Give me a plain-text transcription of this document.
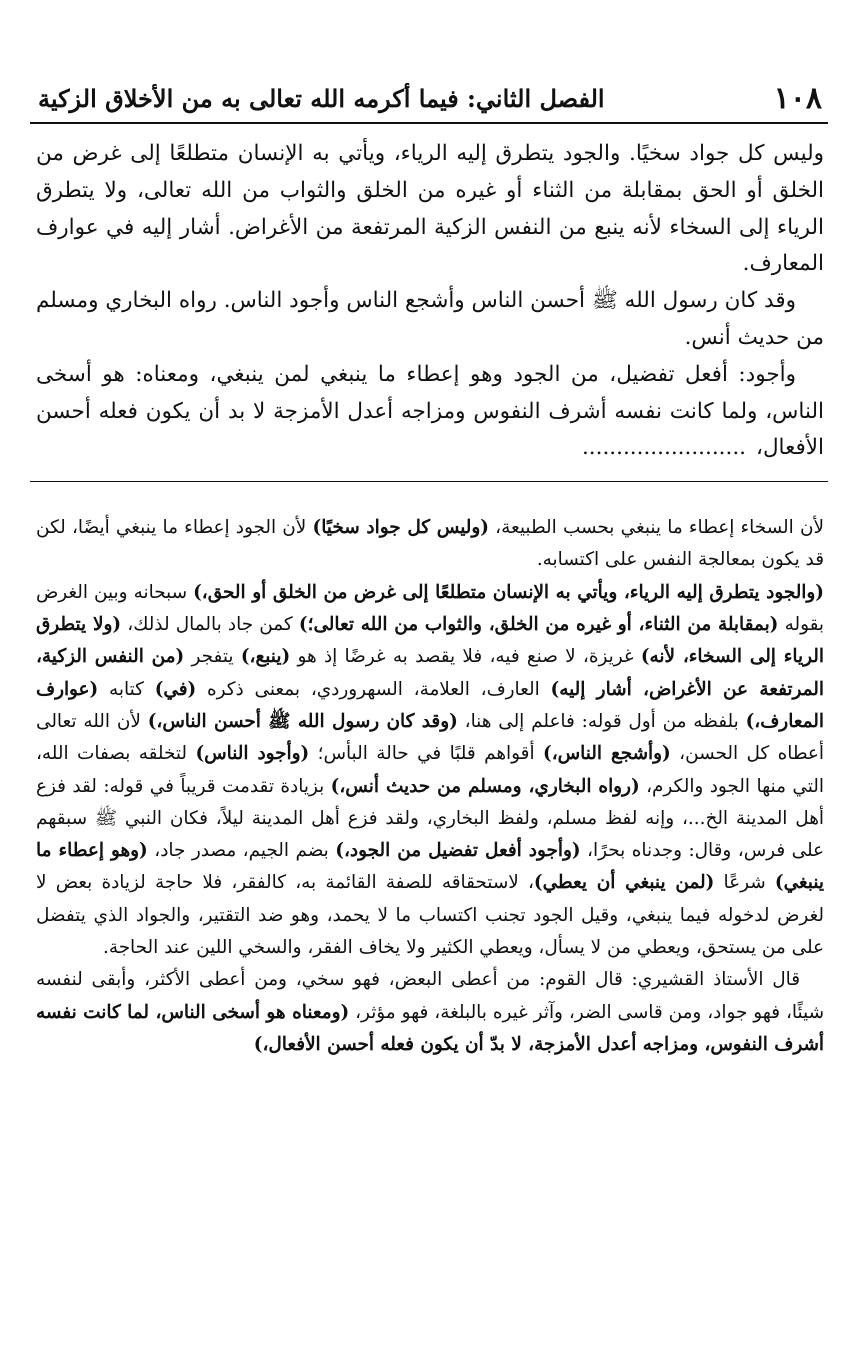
١٠٨
الفصل الثاني: فيما أكرمه الله تعالى به من الأخلاق الزكية

وليس كل جواد سخيًا. والجود يتطرق إليه الرياء، ويأتي به الإنسان متطلعًا إلى غرض من الخلق أو الحق بمقابلة من الثناء أو غيره من الخلق والثواب من الله تعالى، ولا يتطرق الرياء إلى السخاء لأنه ينبع من النفس الزكية المرتفعة من الأغراض. أشار إليه في عوارف المعارف.

وقد كان رسول الله ﷺ أحسن الناس وأشجع الناس وأجود الناس. رواه البخاري ومسلم من حديث أنس.

وأجود: أفعل تفضيل، من الجود وهو إعطاء ما ينبغي لمن ينبغي، ومعناه: هو أسخى الناس، ولما كانت نفسه أشرف النفوس ومزاجه أعدل الأمزجة لا بد أن يكون فعله أحسن الأفعال،........................

لأن السخاء إعطاء ما ينبغي بحسب الطبيعة، (وليس كل جواد سخيًا) لأن الجود إعطاء ما ينبغي أيضًا، لكن قد يكون بمعالجة النفس على اكتسابه.

(والجود يتطرق إليه الرياء، ويأتي به الإنسان متطلعًا إلى غرض من الخلق أو الحق،) سبحانه وبين الغرض بقوله (بمقابلة من الثناء، أو غيره من الخلق، والثواب من الله تعالى؛) كمن جاد بالمال لذلك، (ولا يتطرق الرياء إلى السخاء، لأنه) غريزة، لا صنع فيه، فلا يقصد به غرضًا إذ هو (ينبع،) يتفجر (من النفس الزكية، المرتفعة عن الأغراض، أشار إليه) العارف، العلامة، السهروردي، بمعنى ذكره (في) كتابه (عوارف المعارف،) بلفظه من أول قوله: فاعلم إلى هنا، (وقد كان رسول الله ﷺ أحسن الناس،) لأن الله تعالى أعطاه كل الحسن، (وأشجع الناس،) أقواهم قلبًا في حالة البأس؛ (وأجود الناس) لتخلقه بصفات الله، التي منها الجود والكرم، (رواه البخاري، ومسلم من حديث أنس،) بزيادة تقدمت قريباً في قوله: لقد فزع أهل المدينة الخ...، وإنه لفظ مسلم، ولفظ البخاري، ولقد فزع أهل المدينة ليلاً، فكان النبي ﷺ سبقهم على فرس، وقال: وجدناه بحرًا، (وأجود أفعل تفضيل من الجود،) بضم الجيم، مصدر جاد، (وهو إعطاء ما ينبغي) شرعًا (لمن ينبغي أن يعطي)، لاستحقاقه للصفة القائمة به، كالفقر، فلا حاجة لزيادة بعض لا لغرض لدخوله فيما ينبغي، وقيل الجود تجنب اكتساب ما لا يحمد، وهو ضد التقتير، والجواد الذي يتفضل على من يستحق، ويعطي من لا يسأل، ويعطي الكثير ولا يخاف الفقر، والسخي اللين عند الحاجة.

قال الأستاذ القشيري: قال القوم: من أعطى البعض، فهو سخي، ومن أعطى الأكثر، وأبقى لنفسه شيئًا، فهو جواد، ومن قاسى الضر، وآثر غيره بالبلغة، فهو مؤثر، (ومعناه هو أسخى الناس، لما كانت نفسه أشرف النفوس، ومزاجه أعدل الأمزجة، لا بدّ أن يكون فعله أحسن الأفعال،)
